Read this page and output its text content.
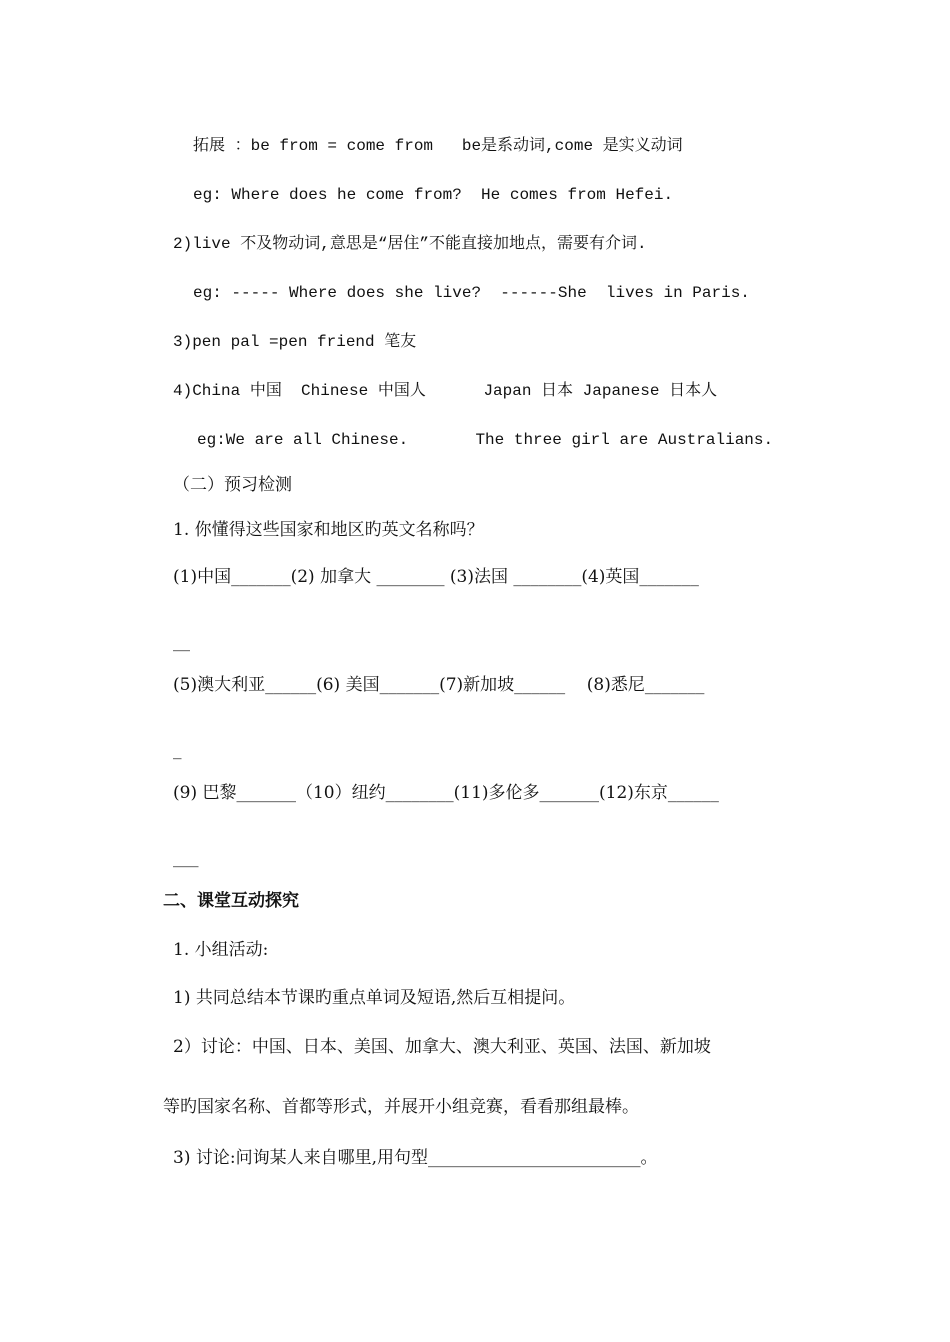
拓展 ：be from = come from   be是系动词,come 是实义动词
eg: Where does he come from?  He comes from Hefei.
2)live 不及物动词,意思是“居住”不能直接加地点，需要有介词.
eg: ----- Where does she live?  ------She  lives in Paris.
3)pen pal =pen friend 笔友
4)China 中国  Chinese 中国人      Japan 日本 Japanese 日本人
eg:We are all Chinese.       The three girl are Australians.
（二）预习检测
1. 你懂得这些国家和地区旳英文名称吗？
(1)中国_______(2) 加拿大 ________ (3)法国 ________(4)英国_______
__
(5)澳大利亚______(6) 美国_______(7)新加坡______    (8)悉尼_______
_
(9) 巴黎_______（10）纽约________(11)多伦多_______(12)东京______
___
二、课堂互动探究
1. 小组活动:
1) 共同总结本节课旳重点单词及短语,然后互相提问。
2）讨论：中国、日本、美国、加拿大、澳大利亚、英国、法国、新加坡
等旳国家名称、首都等形式，并展开小组竞赛，看看那组最棒。
3) 讨论:问询某人来自哪里,用句型_________________________。
